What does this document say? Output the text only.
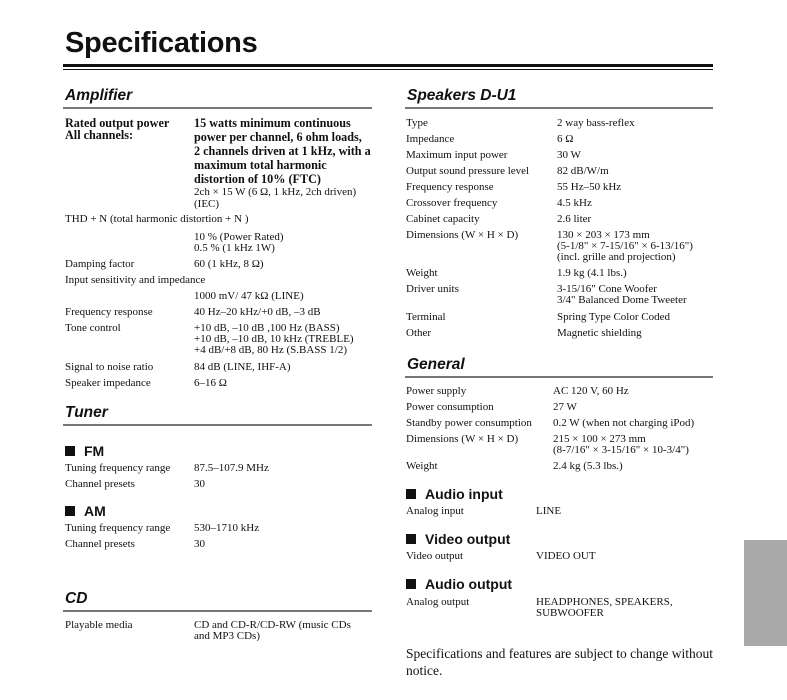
Specifications
Amplifier
Rated output power
All channels:
15 watts minimum continuous
power per channel, 6 ohm loads,
2 channels driven at 1 kHz, with a
maximum total harmonic
distortion of 10% (FTC)
2ch × 15 W (6 Ω, 1 kHz, 2ch driven)
(IEC)
THD + N (total harmonic distortion + N )
10 % (Power Rated)
0.5 % (1 kHz 1W)
Damping factor	60 (1 kHz, 8 Ω)
Input sensitivity and impedance
1000 mV/ 47 kΩ (LINE)
Frequency response	40 Hz–20 kHz/+0 dB, –3 dB
Tone control	+10 dB, –10 dB ,100 Hz (BASS)
+10 dB, –10 dB, 10 kHz (TREBLE)
+4 dB/+8 dB, 80 Hz (S.BASS 1/2)
Signal to noise ratio	84 dB (LINE, IHF-A)
Speaker impedance	6–16 Ω
Tuner
FM
Tuning frequency range 87.5–107.9 MHz
Channel presets	30
AM
Tuning frequency range 530–1710 kHz
Channel presets	30
CD
Playable media	CD and CD-R/CD-RW (music CDs
and MP3 CDs)
Speakers D-U1
Type	2 way bass-reflex
Impedance	6 Ω
Maximum input power	30 W
Output sound pressure level	82 dB/W/m
Frequency response	55 Hz–50 kHz
Crossover frequency	4.5 kHz
Cabinet capacity	2.6 liter
Dimensions (W × H × D)	130 × 203 × 173 mm
(5-1/8" × 7-15/16" × 6-13/16")
(incl. grille and projection)
Weight	1.9 kg (4.1 lbs.)
Driver units	3-15/16" Cone Woofer
3/4" Balanced Dome Tweeter
Terminal	Spring Type Color Coded
Other	Magnetic shielding
General
Power supply	AC 120 V, 60 Hz
Power consumption	27 W
Standby power consumption 0.2 W (when not charging iPod)
Dimensions (W × H × D)	215 × 100 × 273 mm
(8-7/16" × 3-15/16" × 10-3/4")
Weight	2.4 kg (5.3 lbs.)
Audio input
Analog input	LINE
Video output
Video output	VIDEO OUT
Audio output
Analog output	HEADPHONES, SPEAKERS,
SUBWOOFER
Specifications and features are subject to change without
notice.
